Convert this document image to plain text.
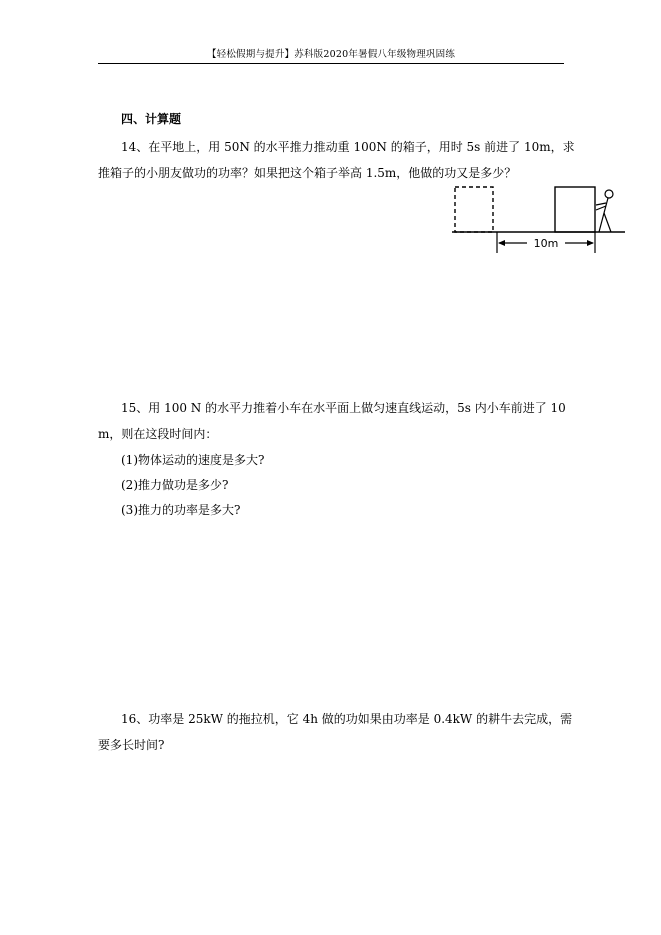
【轻松假期与提升】苏科版2020年暑假八年级物理巩固练
四、计算题
14、在平地上，用 50N 的水平推力推动重 100N 的箱子，用时 5s 前进了 10m，求推箱子的小朋友做功的功率？如果把这个箱子举高 1.5m，他做的功又是多少？
10m
15、用 100 N 的水平力推着小车在水平面上做匀速直线运动，5s 内小车前进了 10 m，则在这段时间内：
(1)物体运动的速度是多大?
(2)推力做功是多少?
(3)推力的功率是多大?
16、功率是 25kW 的拖拉机，它 4h 做的功如果由功率是 0.4kW 的耕牛去完成，需要多长时间?
